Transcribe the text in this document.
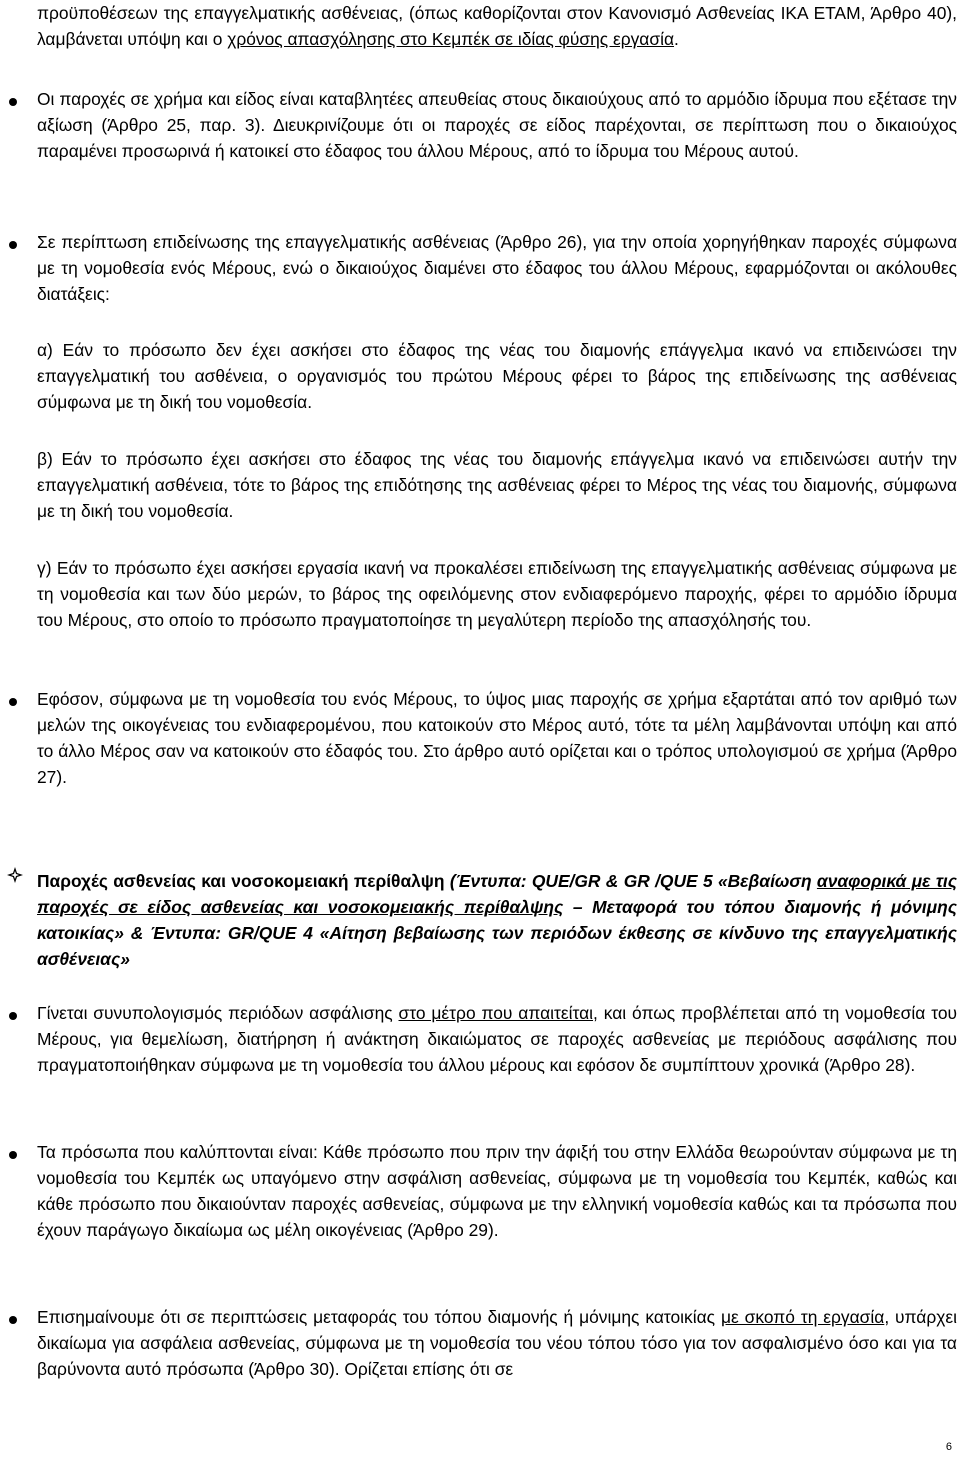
προϋποθέσεων της επαγγελματικής ασθένειας, (όπως καθορίζονται στον Κανονισμό Ασθενείας ΙΚΑ ΕΤΑΜ, Άρθρο 40), λαμβάνεται υπόψη και ο χρόνος απασχόλησης στο Κεμπέκ σε ιδίας φύσης εργασία.

Οι παροχές σε χρήμα και είδος είναι καταβλητέες απευθείας στους δικαιούχους από το αρμόδιο ίδρυμα που εξέτασε την αξίωση (Άρθρο 25, παρ. 3). Διευκρινίζουμε ότι οι παροχές σε είδος παρέχονται, σε περίπτωση που ο δικαιούχος παραμένει προσωρινά ή κατοικεί στο έδαφος του άλλου Μέρους, από το ίδρυμα του Μέρους αυτού.

Σε περίπτωση επιδείνωσης της επαγγελματικής ασθένειας (Άρθρο 26), για την οποία χορηγήθηκαν παροχές σύμφωνα με τη νομοθεσία ενός Μέρους, ενώ ο δικαιούχος διαμένει στο έδαφος του άλλου Μέρους, εφαρμόζονται οι ακόλουθες διατάξεις:

α) Εάν το πρόσωπο δεν έχει ασκήσει στο έδαφος της νέας του διαμονής επάγγελμα ικανό να επιδεινώσει την επαγγελματική του ασθένεια, ο οργανισμός του πρώτου Μέρους φέρει το βάρος της επιδείνωσης της ασθένειας σύμφωνα με τη δική του νομοθεσία.

β) Εάν το πρόσωπο έχει ασκήσει στο έδαφος της νέας του διαμονής επάγγελμα ικανό να επιδεινώσει αυτήν την επαγγελματική ασθένεια, τότε το βάρος της επιδότησης της ασθένειας φέρει το Μέρος της νέας του διαμονής, σύμφωνα με τη δική του νομοθεσία.

γ) Εάν το πρόσωπο έχει ασκήσει εργασία ικανή να προκαλέσει επιδείνωση της επαγγελματικής ασθένειας σύμφωνα με τη νομοθεσία και των δύο μερών, το βάρος της οφειλόμενης στον ενδιαφερόμενο παροχής, φέρει το αρμόδιο ίδρυμα του Μέρους, στο οποίο το πρόσωπο πραγματοποίησε τη μεγαλύτερη περίοδο της απασχόλησής του.

Εφόσον, σύμφωνα με τη νομοθεσία του ενός Μέρους, το ύψος μιας παροχής σε χρήμα εξαρτάται από τον αριθμό των μελών της οικογένειας του ενδιαφερομένου, που κατοικούν στο Μέρος αυτό, τότε τα μέλη λαμβάνονται υπόψη και από το άλλο Μέρος σαν να κατοικούν στο έδαφός του. Στο άρθρο αυτό ορίζεται και ο τρόπος υπολογισμού σε χρήμα (Άρθρο 27).

Παροχές ασθενείας και νοσοκομειακή περίθαλψη (Έντυπα: QUE/GR & GR /QUE 5 «Βεβαίωση αναφορικά με τις παροχές σε είδος ασθενείας και νοσοκομειακής περίθαλψης – Μεταφορά του τόπου διαμονής ή μόνιμης κατοικίας» & Έντυπα: GR/QUE 4 «Αίτηση βεβαίωσης των περιόδων έκθεσης σε κίνδυνο της επαγγελματικής ασθένειας»

Γίνεται συνυπολογισμός περιόδων ασφάλισης στο μέτρο που απαιτείται, και όπως προβλέπεται από τη νομοθεσία του Μέρους, για θεμελίωση, διατήρηση ή ανάκτηση δικαιώματος σε παροχές ασθενείας με περιόδους ασφάλισης που πραγματοποιήθηκαν σύμφωνα με τη νομοθεσία του άλλου μέρους και εφόσον δε συμπίπτουν χρονικά (Άρθρο 28).

Τα πρόσωπα που καλύπτονται είναι: Κάθε πρόσωπο που πριν την άφιξή του στην Ελλάδα θεωρούνταν σύμφωνα με τη νομοθεσία του Κεμπέκ ως υπαγόμενο στην ασφάλιση ασθενείας, σύμφωνα με τη νομοθεσία του Κεμπέκ, καθώς και κάθε πρόσωπο που δικαιούνταν παροχές ασθενείας, σύμφωνα με την ελληνική νομοθεσία καθώς και τα πρόσωπα που έχουν παράγωγο δικαίωμα ως μέλη οικογένειας (Άρθρο 29).

Επισημαίνουμε ότι σε περιπτώσεις μεταφοράς του τόπου διαμονής ή μόνιμης κατοικίας με σκοπό τη εργασία, υπάρχει δικαίωμα για ασφάλεια ασθενείας, σύμφωνα με τη νομοθεσία του νέου τόπου τόσο για τον ασφαλισμένο όσο και για τα βαρύνοντα αυτό πρόσωπα (Άρθρο 30). Ορίζεται επίσης ότι σε

6
